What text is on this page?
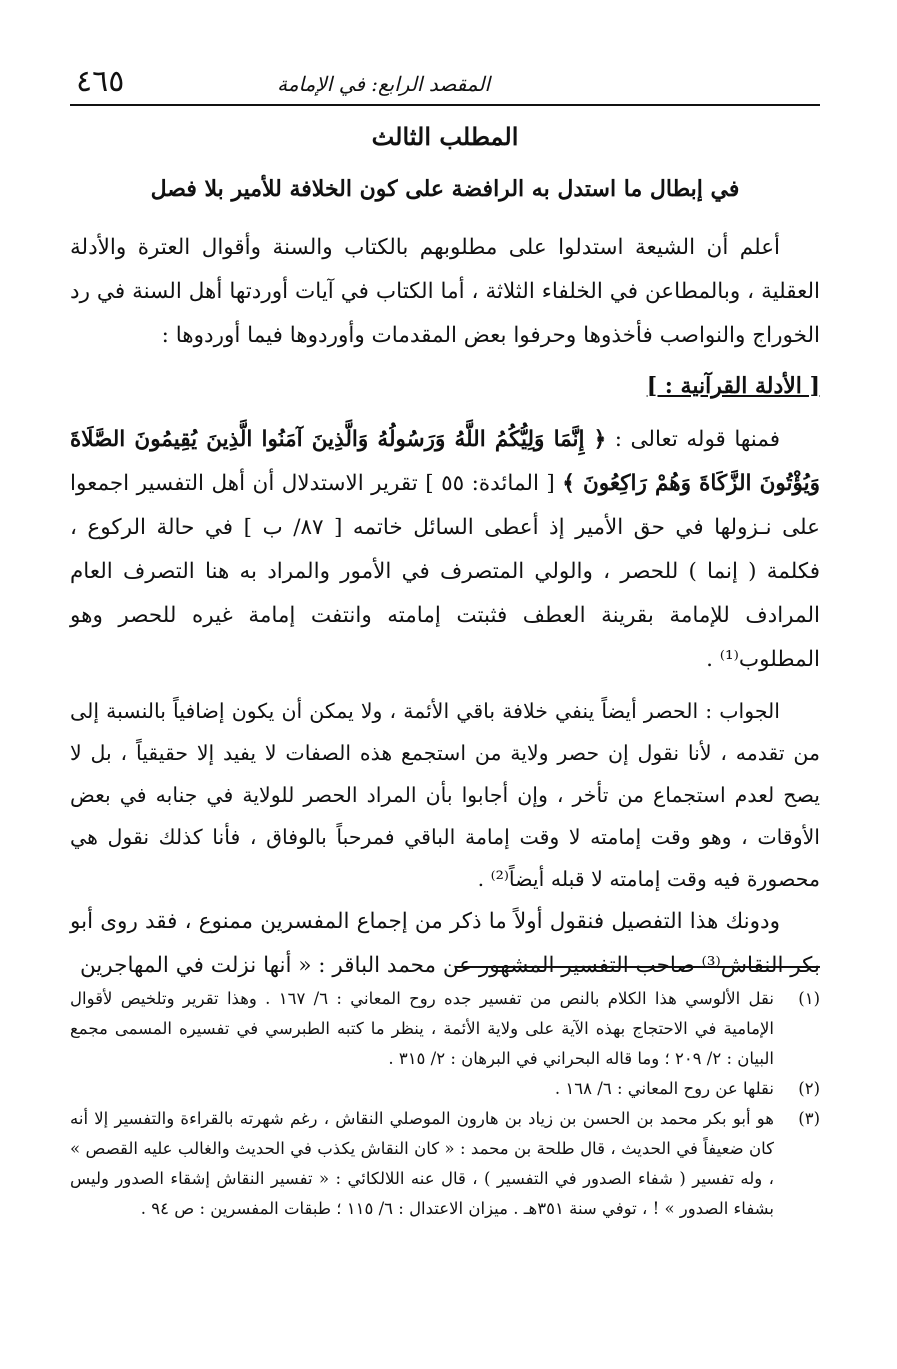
المقصد الرابع: في الإمامة
٤٦٥
المطلب الثالث
في إبطال ما استدل به الرافضة على كون الخلافة للأمير بلا فصل

أعلم أن الشيعة استدلوا على مطلوبهم بالكتاب والسنة وأقوال العترة والأدلة العقلية ، وبالمطاعن في الخلفاء الثلاثة ، أما الكتاب في آيات أوردتها أهل السنة في رد الخوراج والنواصب فأخذوها وحرفوا بعض المقدمات وأوردوها فيما أوردوها :

[ الأدلة القرآنية : ]

فمنها قوله تعالى : ﴿ إِنَّمَا وَلِيُّكُمُ اللَّهُ وَرَسُولُهُ وَالَّذِينَ آمَنُوا الَّذِينَ يُقِيمُونَ الصَّلَاةَ وَيُؤْتُونَ الزَّكَاةَ وَهُمْ رَاكِعُونَ ﴾ [ المائدة: ٥٥ ] تقرير الاستدلال أن أهل التفسير اجمعوا على نـزولها في حق الأمير إذ أعطى السائل خاتمه [ ٨٧/ ب ] في حالة الركوع ، فكلمة ( إنما ) للحصر ، والولي المتصرف في الأمور والمراد به هنا التصرف العام المرادف للإمامة بقرينة العطف فثبتت إمامته وانتفت إمامة غيره للحصر وهو المطلوب⁽¹⁾ .

الجواب : الحصر أيضاً ينفي خلافة باقي الأئمة ، ولا يمكن أن يكون إضافياً بالنسبة إلى من تقدمه ، لأنا نقول إن حصر ولاية من استجمع هذه الصفات لا يفيد إلا حقيقياً ، بل لا يصح لعدم استجماع من تأخر ، وإن أجابوا بأن المراد الحصر للولاية في جنابه في بعض الأوقات ، وهو وقت إمامته لا وقت إمامة الباقي فمرحباً بالوفاق ، فأنا كذلك نقول هي محصورة فيه وقت إمامته لا قبله أيضاً⁽²⁾ .

ودونك هذا التفصيل فنقول أولاً ما ذكر من إجماع المفسرين ممنوع ، فقد روى أبو بكر النقاش⁽³⁾ صاحب التفسير المشهور عن محمد الباقر : « أنها نزلت في المهاجرين

(١)
نقل الألوسي هذا الكلام بالنص من تفسير جده روح المعاني : ٦/ ١٦٧ . وهذا تقرير وتلخيص لأقوال الإمامية في الاحتجاج بهذه الآية على ولاية الأئمة ، ينظر ما كتبه الطبرسي في تفسيره المسمى مجمع البيان : ٢/ ٢٠٩ ؛ وما قاله البحراني في البرهان : ٢/ ٣١٥ .

(٢)
نقلها عن روح المعاني : ٦/ ١٦٨ .

(٣)
هو أبو بكر محمد بن الحسن بن زياد بن هارون الموصلي النقاش ، رغم شهرته بالقراءة والتفسير إلا أنه كان ضعيفاً في الحديث ، قال طلحة بن محمد : « كان النقاش يكذب في الحديث والغالب عليه القصص » ، وله تفسير ( شفاء الصدور في التفسير ) ، قال عنه اللالكائي : « تفسير النقاش إشقاء الصدور وليس بشفاء الصدور » ! ، توفي سنة ٣٥١هـ . ميزان الاعتدال : ٦/ ١١٥ ؛ طبقات المفسرين : ص ٩٤ .
